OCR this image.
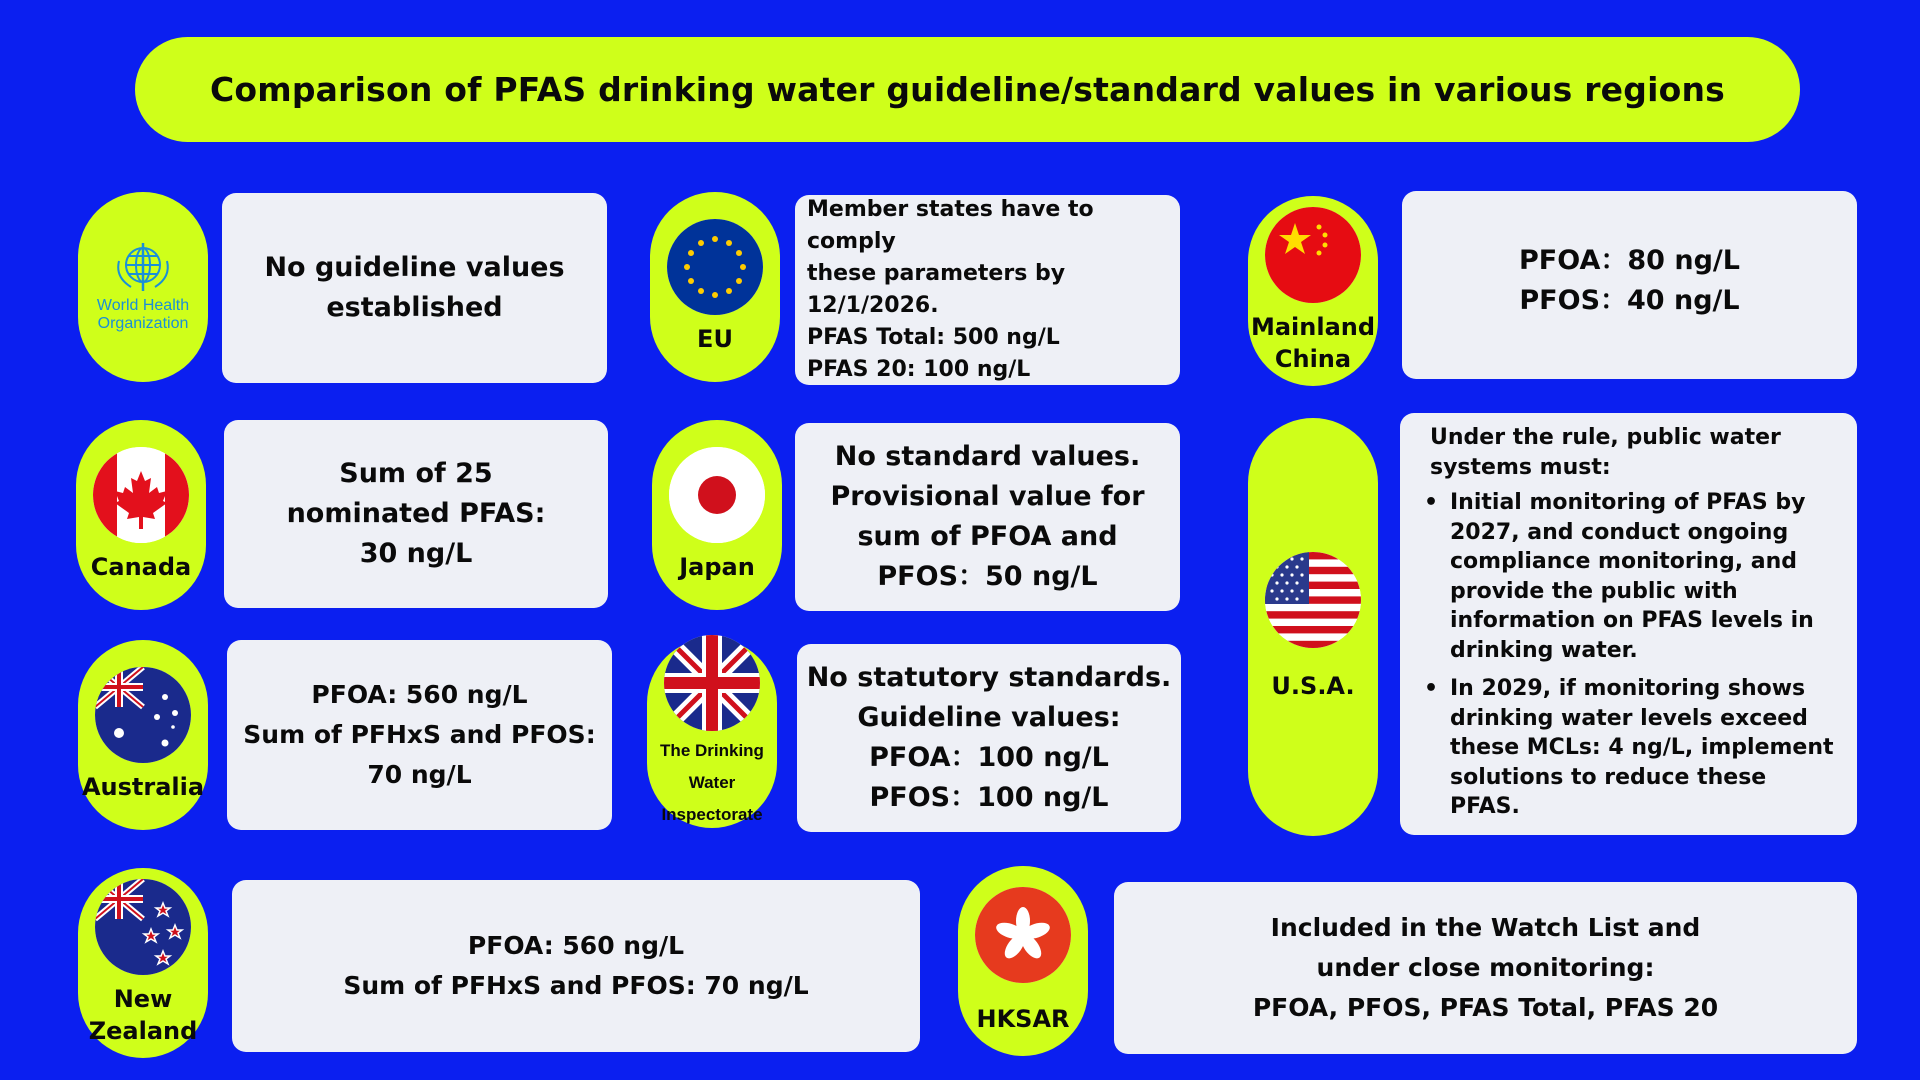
Comparison of PFAS drinking water guideline/standard values in various regions
World Health
Organization
No guideline values
established
EU
Member states have to comply
these parameters by 12/1/2026.
PFAS Total: 500 ng/L
PFAS 20: 100 ng/L
Mainland
China
PFOA：80 ng/L
PFOS：40 ng/L
Canada
Sum of 25
nominated PFAS:
30 ng/L	Japan
No standard values.
Provisional value for
sum of PFOA and
PFOS：50 ng/L
U.S.A.
Under the rule, public water systems must:
• Initial monitoring of PFAS by 2027, and conduct ongoing compliance monitoring, and provide the public with information on PFAS levels in drinking water.
• In 2029, if monitoring shows drinking water levels exceed these MCLs: 4 ng/L, implement solutions to reduce these PFAS.
Australia
PFOA: 560 ng/L
Sum of PFHxS and PFOS:
70 ng/L
The Drinking Water
Inspectorate
No statutory standards.
Guideline values:
PFOA：100 ng/L
PFOS：100 ng/L
New
Zealand
PFOA: 560 ng/L
Sum of PFHxS and PFOS: 70 ng/L
HKSAR
Included in the Watch List and
under close monitoring:
PFOA, PFOS, PFAS Total, PFAS 20
